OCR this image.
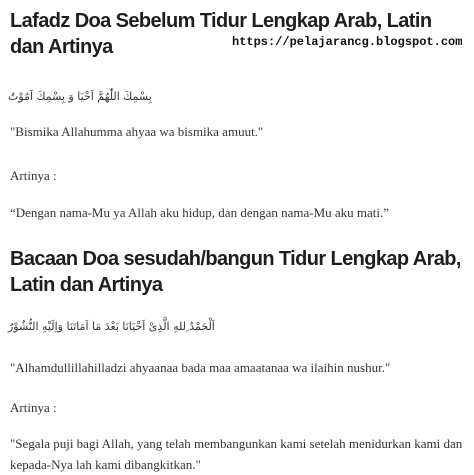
Lafadz Doa Sebelum Tidur Lengkap Arab, Latin dan Artinya	https://pelajarancg.blogspot.com
بِسْمِكَ اللّٰهُمَّ اَحْيَا وَ بِسْمِكَ اَمُوْتُ

"Bismika Allahumma ahyaa wa bismika amuut."

Artinya :

“Dengan nama-Mu ya Allah aku hidup, dan dengan nama-Mu aku mati.”

Bacaan Doa sesudah/bangun Tidur Lengkap Arab, Latin dan Artinya
اَلْحَمْدُ ِللهِ الَّذِىْ اَحْيَانَا بَعْدَ مَا اَمَاتَنَا وَاِلَيْهِ النُّشُوْرُ

"Alhamdullillahilladzi ahyaanaa bada maa amaatanaa wa ilaihin nushur."

Artinya :

"Segala puji bagi Allah, yang telah membangunkan kami setelah menidurkan kami dan kepada-Nya lah kami dibangkitkan."
